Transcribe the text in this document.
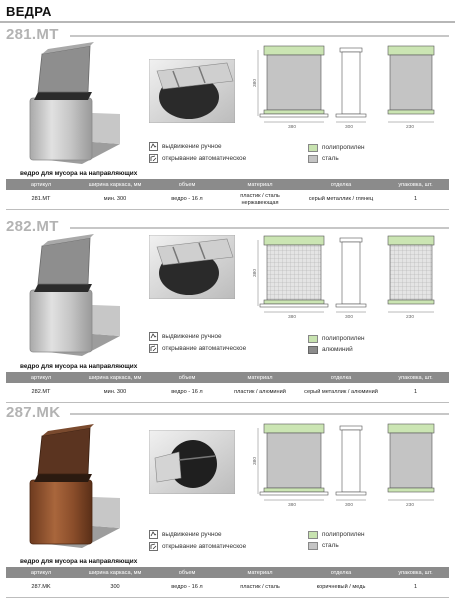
ВЕДРА
281.MT
выдвижение ручное
открывание автоматическое
380
380	300	230
полипропилен
сталь
ведро для мусора на направляющих
артикул	ширина каркаса, мм	объем	материал	отделка	упаковка, шт.
281.MT	мин. 300	ведро - 16 л	пластик / сталь нержавеющая	серый металлик / глянец	1
282.MT
выдвижение ручное
открывание автоматическое
380
380	300	230
полипропилен
алюминий
ведро для мусора на направляющих
артикул	ширина каркаса, мм	объем	материал	отделка	упаковка, шт.
282.MT	мин. 300	ведро - 16 л	пластик / алюминий	серый металлик / алюминий	1
287.MK
выдвижение ручное
открывание автоматическое
380
380	300	230
полипропилен
сталь
ведро для мусора на направляющих
артикул	ширина каркаса, мм	объем	материал	отделка	упаковка, шт.
287.MK	300	ведро - 16 л	пластик / сталь	коричневый / медь	1
